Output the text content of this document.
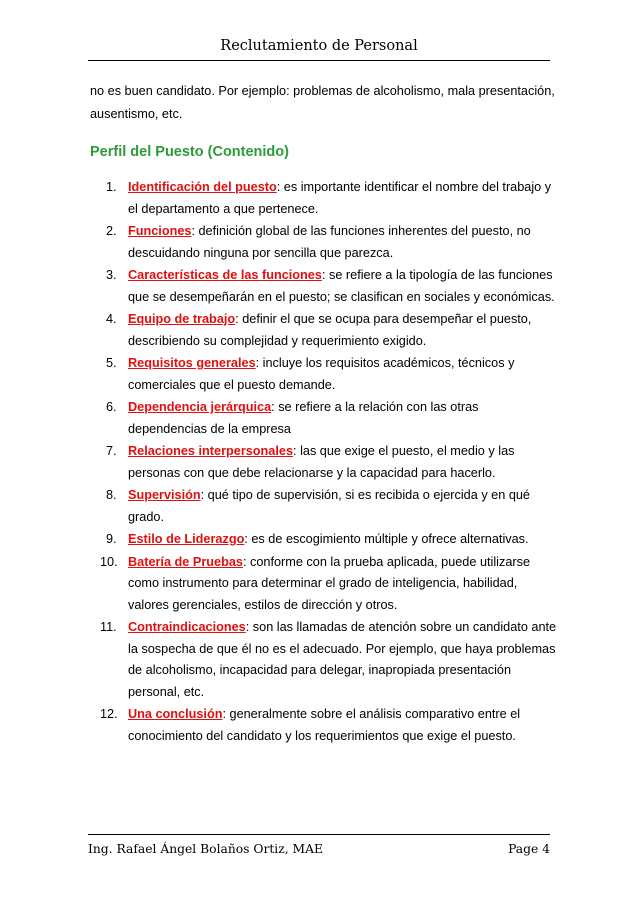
Reclutamiento de Personal

no es buen candidato. Por ejemplo: problemas de alcoholismo, mala presentación, ausentismo, etc.

Perfil del Puesto (Contenido)
1. Identificación del puesto: es importante identificar el nombre del trabajo y el departamento a que pertenece.
2. Funciones: definición global de las funciones inherentes del puesto, no descuidando ninguna por sencilla que parezca.
3. Características de las funciones: se refiere a la tipología de las funciones que se desempeñarán en el puesto; se clasifican en sociales y económicas.
4. Equipo de trabajo: definir el que se ocupa para desempeñar el puesto, describiendo su complejidad y requerimiento exigido.
5. Requisitos generales: incluye los requisitos académicos, técnicos y comerciales que el puesto demande.
6. Dependencia jerárquica: se refiere a la relación con las otras dependencias de la empresa
7. Relaciones interpersonales: las que exige el puesto, el medio y las personas con que debe relacionarse y la capacidad para hacerlo.
8. Supervisión: qué tipo de supervisión, si es recibida o ejercida y en qué grado.
9. Estilo de Liderazgo: es de escogimiento múltiple y ofrece alternativas.
10. Batería de Pruebas: conforme con la prueba aplicada, puede utilizarse como instrumento para determinar el grado de inteligencia, habilidad, valores gerenciales, estilos de dirección y otros.
11. Contraindicaciones: son las llamadas de atención sobre un candidato ante la sospecha de que él no es el adecuado. Por ejemplo, que haya problemas de alcoholismo, incapacidad para delegar, inapropiada presentación personal, etc.
12. Una conclusión: generalmente sobre el análisis comparativo entre el conocimiento del candidato y los requerimientos que exige el puesto.
Ing. Rafael Ángel Bolaños Ortiz, MAE	Page 4
